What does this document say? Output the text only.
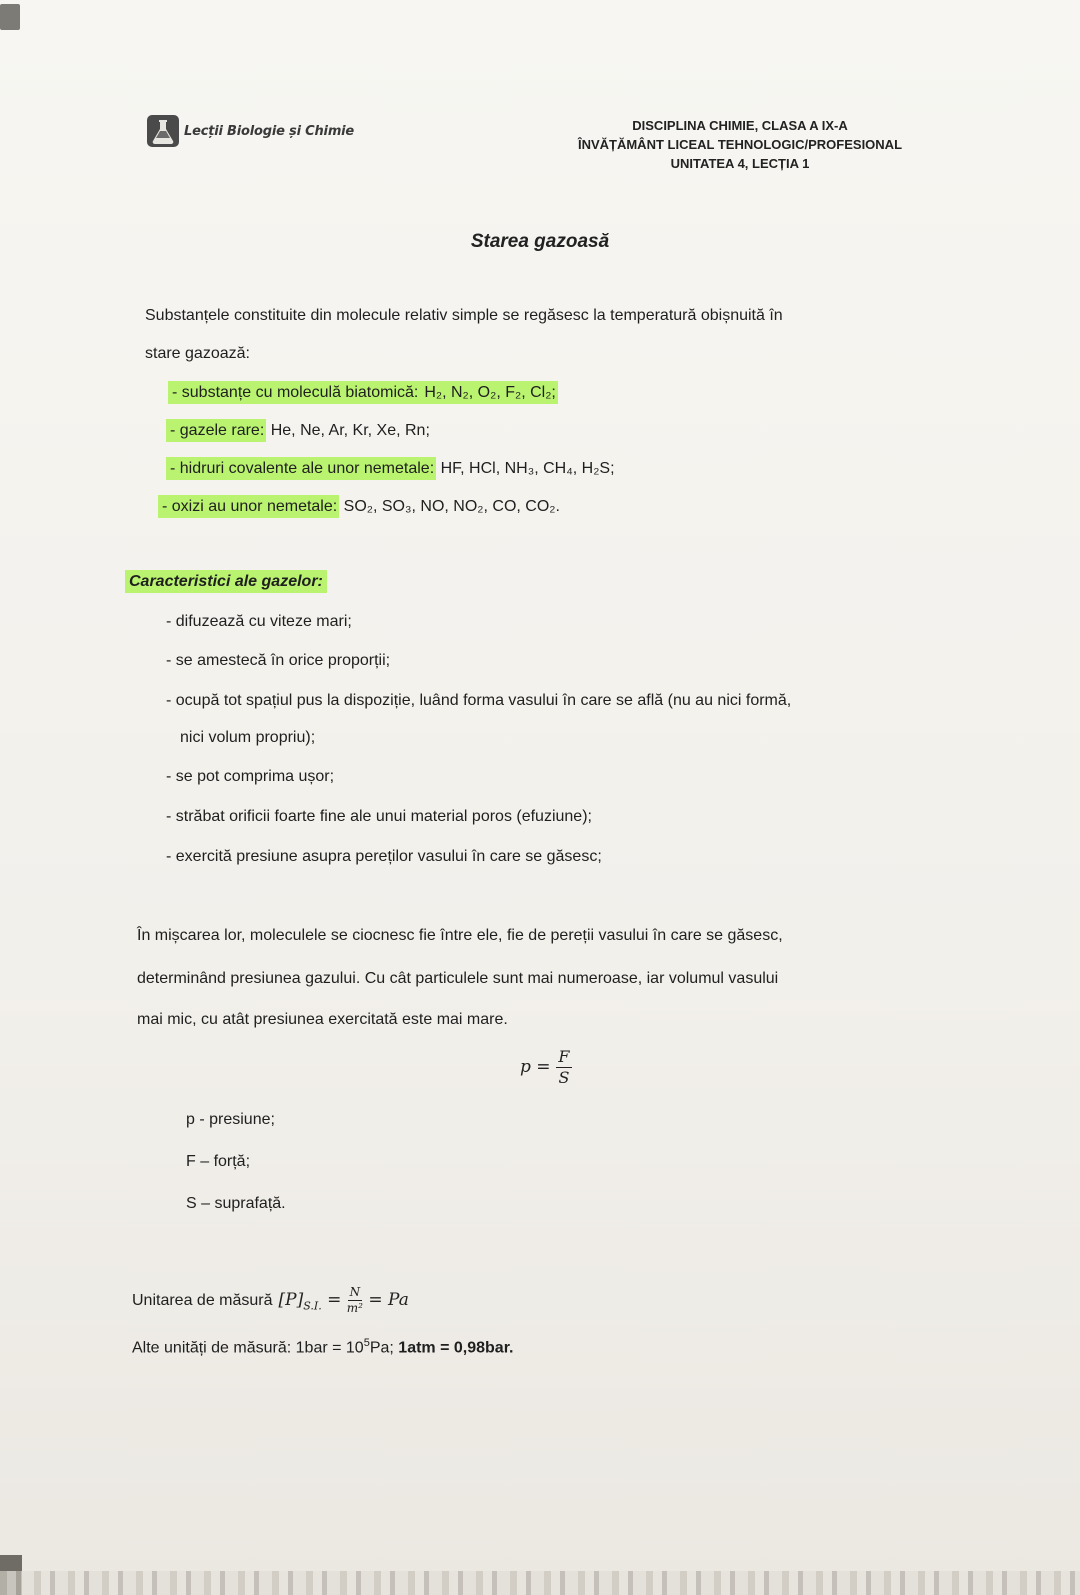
Lecții Biologie și Chimie	DISCIPLINA CHIMIE, CLASA A IX-A
ÎNVĂȚĂMÂNT LICEAL TEHNOLOGIC/PROFESIONAL
UNITATEA 4, LECȚIA 1
Starea gazoasă
Substanțele constituite din molecule relativ simple se regăsesc la temperatură obișnuită în
stare gazoază:
- substanțe cu moleculă biatomică: H₂, N₂, O₂, F₂, Cl₂;
- gazele rare: He, Ne, Ar, Kr, Xe, Rn;
- hidruri covalente ale unor nemetale: HF, HCl, NH₃, CH₄, H₂S;
- oxizi au unor nemetale: SO₂, SO₃, NO, NO₂, CO, CO₂.
Caracteristici ale gazelor:
- difuzează cu viteze mari;
- se amestecă în orice proporții;
- ocupă tot spațiul pus la dispoziție, luând forma vasului în care se află (nu au nici formă,
nici volum propriu);
- se pot comprima ușor;
- străbat orificii foarte fine ale unui material poros (efuziune);
- exercită presiune asupra pereților vasului în care se găsesc;
În mișcarea lor, moleculele se ciocnesc fie între ele, fie de pereții vasului în care se găsesc,
determinând presiunea gazului. Cu cât particulele sunt mai numeroase, iar volumul vasului
mai mic, cu atât presiunea exercitată este mai mare.
$p = \frac{F}{S}$
p - presiune;
F – forță;
S – suprafață.
Unitarea de măsură $[P]_{S.I.} = \frac{N}{\text{m²}} = Pa$
Alte unități de măsură: $1bar = 10^5Pa$; 1atm = 0,98bar.
